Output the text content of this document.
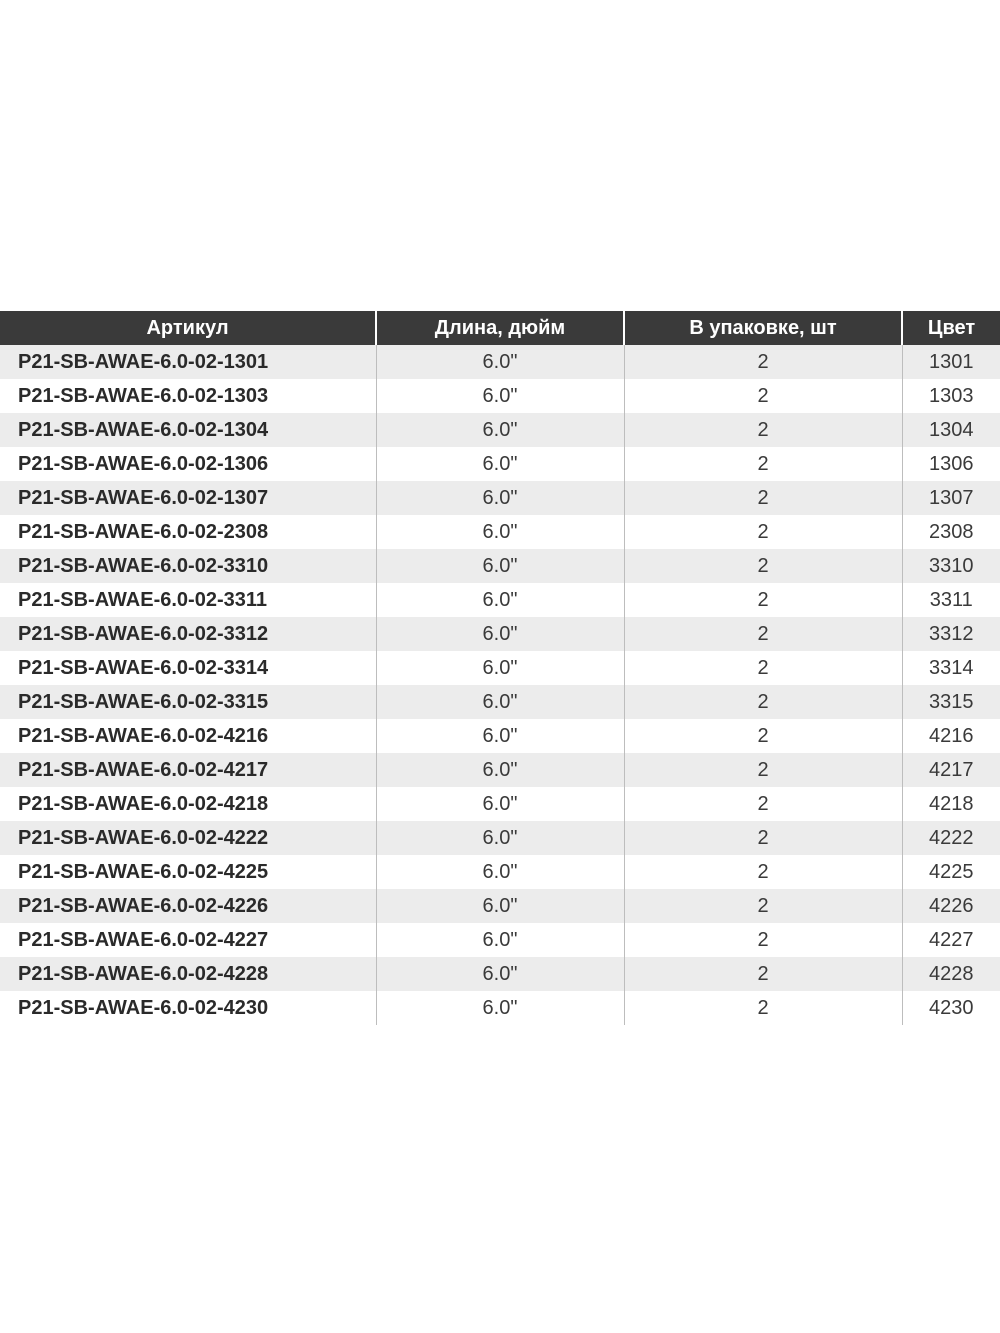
Артикул	Длина, дюйм	В упаковке, шт	Цвет
P21-SB-AWAE-6.0-02-1301	6.0"	2	1301
P21-SB-AWAE-6.0-02-1303	6.0"	2	1303
P21-SB-AWAE-6.0-02-1304	6.0"	2	1304
P21-SB-AWAE-6.0-02-1306	6.0"	2	1306
P21-SB-AWAE-6.0-02-1307	6.0"	2	1307
P21-SB-AWAE-6.0-02-2308	6.0"	2	2308
P21-SB-AWAE-6.0-02-3310	6.0"	2	3310
P21-SB-AWAE-6.0-02-3311	6.0"	2	3311
P21-SB-AWAE-6.0-02-3312	6.0"	2	3312
P21-SB-AWAE-6.0-02-3314	6.0"	2	3314
P21-SB-AWAE-6.0-02-3315	6.0"	2	3315
P21-SB-AWAE-6.0-02-4216	6.0"	2	4216
P21-SB-AWAE-6.0-02-4217	6.0"	2	4217
P21-SB-AWAE-6.0-02-4218	6.0"	2	4218
P21-SB-AWAE-6.0-02-4222	6.0"	2	4222
P21-SB-AWAE-6.0-02-4225	6.0"	2	4225
P21-SB-AWAE-6.0-02-4226	6.0"	2	4226
P21-SB-AWAE-6.0-02-4227	6.0"	2	4227
P21-SB-AWAE-6.0-02-4228	6.0"	2	4228
P21-SB-AWAE-6.0-02-4230	6.0"	2	4230
